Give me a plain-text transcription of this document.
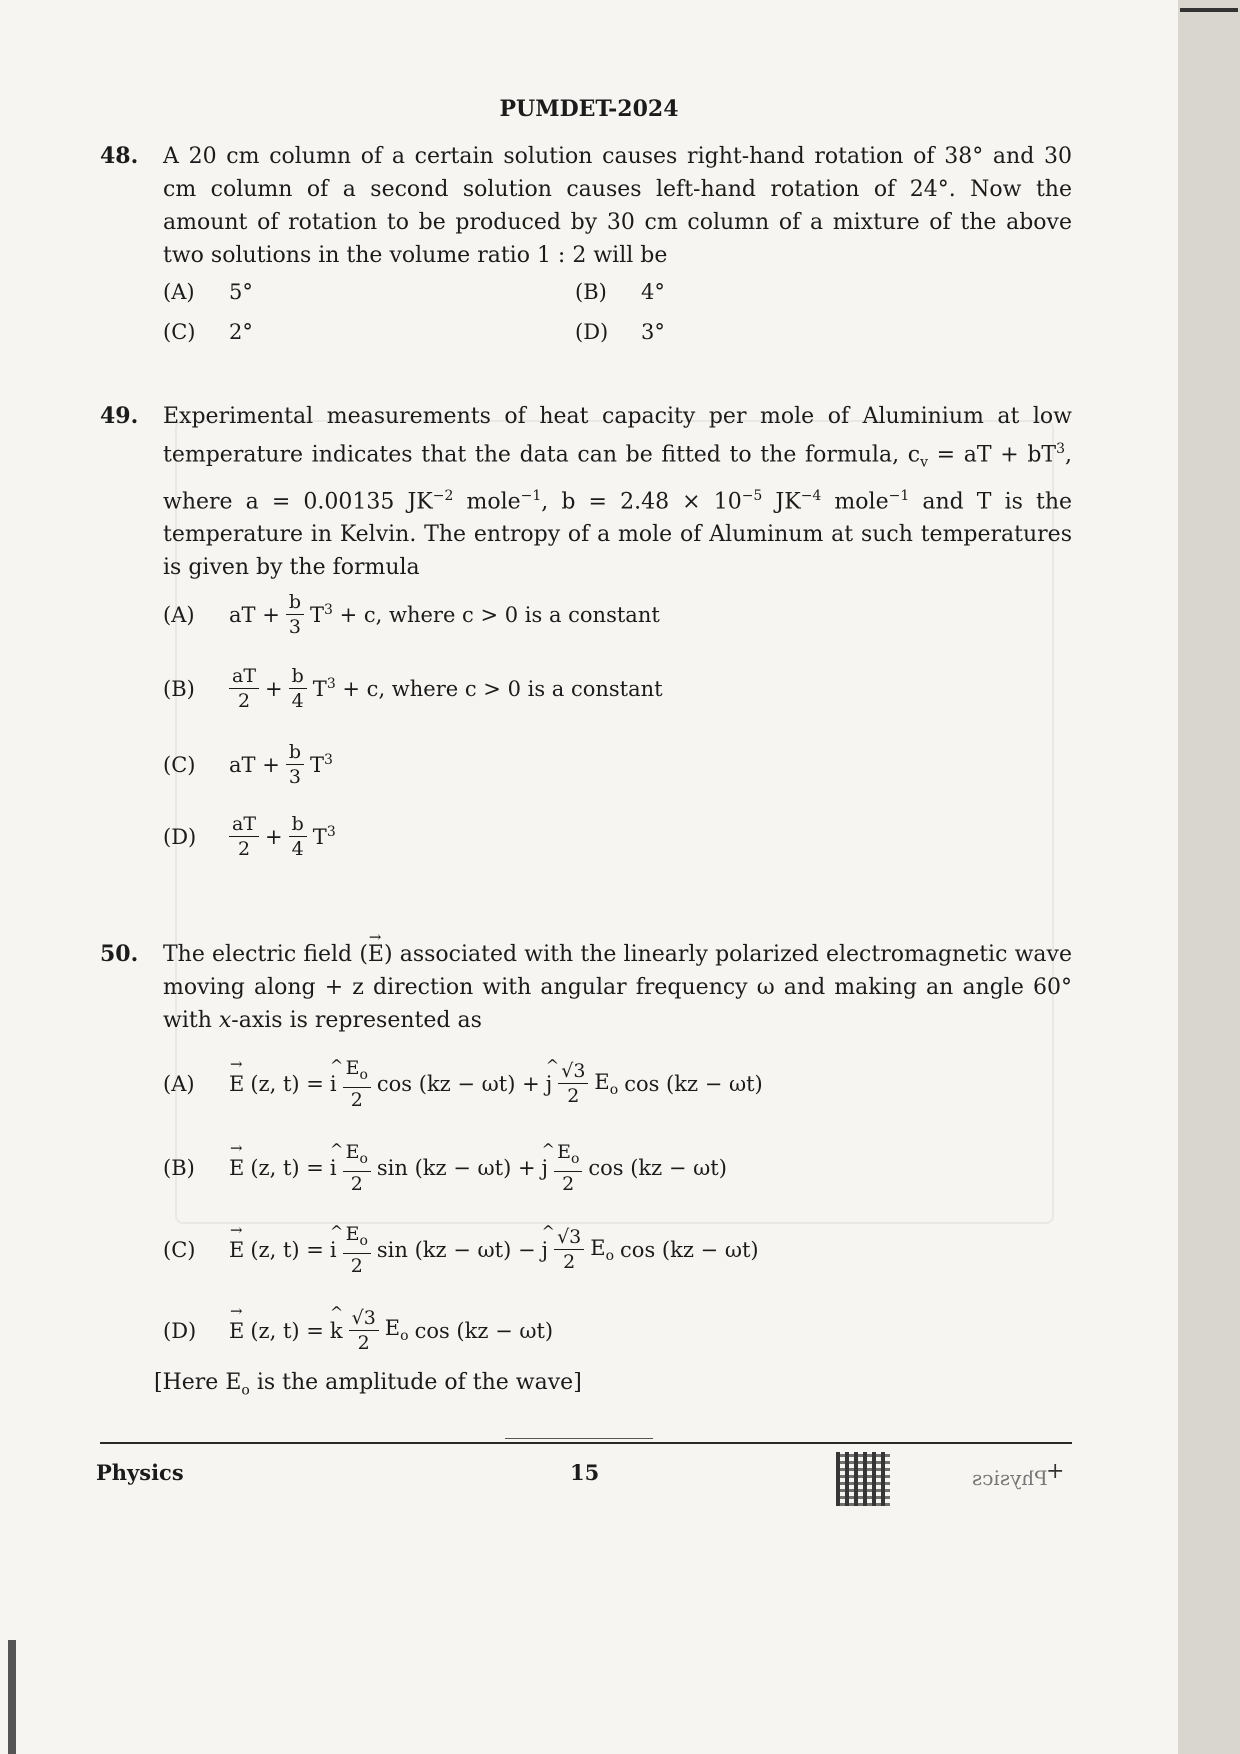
PUMDET-2024
48. A 20 cm column of a certain solution causes right-hand rotation of 38° and 30 cm column of a second solution causes left-hand rotation of 24°. Now the amount of rotation to be produced by 30 cm column of a mixture of the above two solutions in the volume ratio 1 : 2 will be
(A)	5°	(B)	4°
(C)	2°	(D)	3°
49. Experimental measurements of heat capacity per mole of Aluminium at low temperature indicates that the data can be fitted to the formula, $c_v$ = aT + $bT^3$, where a = 0.00135 $JK^{-2}$ mole$^{-1}$, $b = 2.48 \times 10^{-5}$ $JK^{-4}$ mole$^{-1}$ and T is the temperature in Kelvin. The entropy of a mole of Aluminum at such temperatures is given by the formula
(A)	aT + $\frac{b}{3} T^3 + c$, where c > 0 is a constant
(B)	$\frac{aT}{2} + \frac{b}{4} T^3 + c$, where c > 0 is a constant
(C)	aT + $\frac{b}{3} T^3$
(D)	$\frac{aT}{2} + \frac{b}{4} T^3$
50. The electric field (→ E) associated with the linearly polarized electromagnetic wave moving along + z direction with angular frequency ω and making an angle 60° with x-axis is represented as
(A)	→ E (z, t) = ^ i $\frac{E_o}{2}$ cos (kz − ωt) + ^ j $\frac{√3}{2} E_o$ cos (kz − ωt)
(B)	→ E (z, t) = ^ i $\frac{E_o}{2}$ sin (kz − ωt) + ^ j $\frac{E_o}{2}$ cos (kz − ωt)
(C)	→ E (z, t) = ^ i $\frac{E_o}{2}$ sin (kz − ωt) − ^ j $\frac{√3}{2} E_o$ cos (kz − ωt)
(D)	→ E (z, t) = ^ k $\frac{√3}{2} E_o$ cos (kz − ωt)
[Here $E_o$ is the amplitude of the wave]
Physics	15	Physics
+
